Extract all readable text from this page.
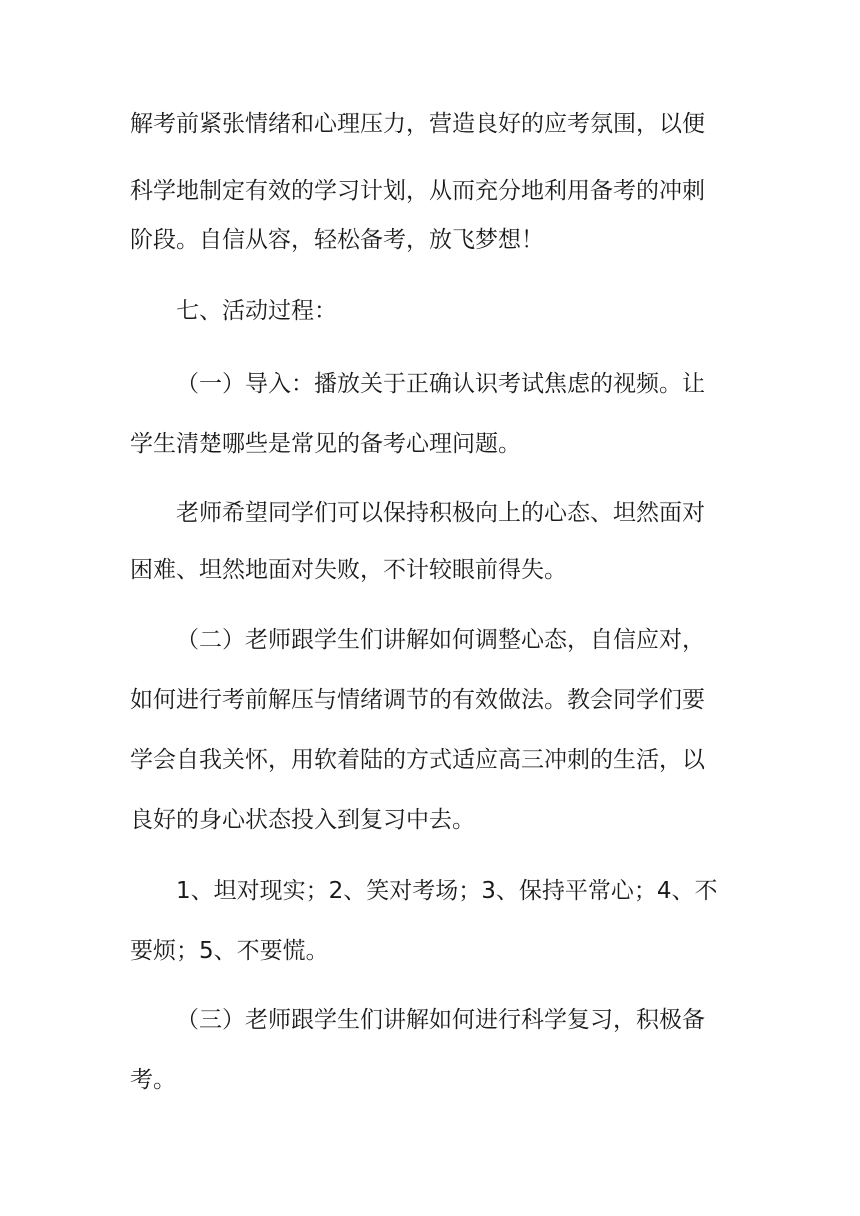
解考前紧张情绪和心理压力，营造良好的应考氛围，以便
科学地制定有效的学习计划，从而充分地利用备考的冲刺
阶段。自信从容，轻松备考，放飞梦想！
七、活动过程：
（一）导入：播放关于正确认识考试焦虑的视频。让
学生清楚哪些是常见的备考心理问题。
老师希望同学们可以保持积极向上的心态、坦然面对
困难、坦然地面对失败，不计较眼前得失。
（二）老师跟学生们讲解如何调整心态，自信应对，
如何进行考前解压与情绪调节的有效做法。教会同学们要
学会自我关怀，用软着陆的方式适应高三冲刺的生活，以
良好的身心状态投入到复习中去。
1、坦对现实；2、笑对考场；3、保持平常心；4、不
要烦；5、不要慌。
（三）老师跟学生们讲解如何进行科学复习，积极备
考。
